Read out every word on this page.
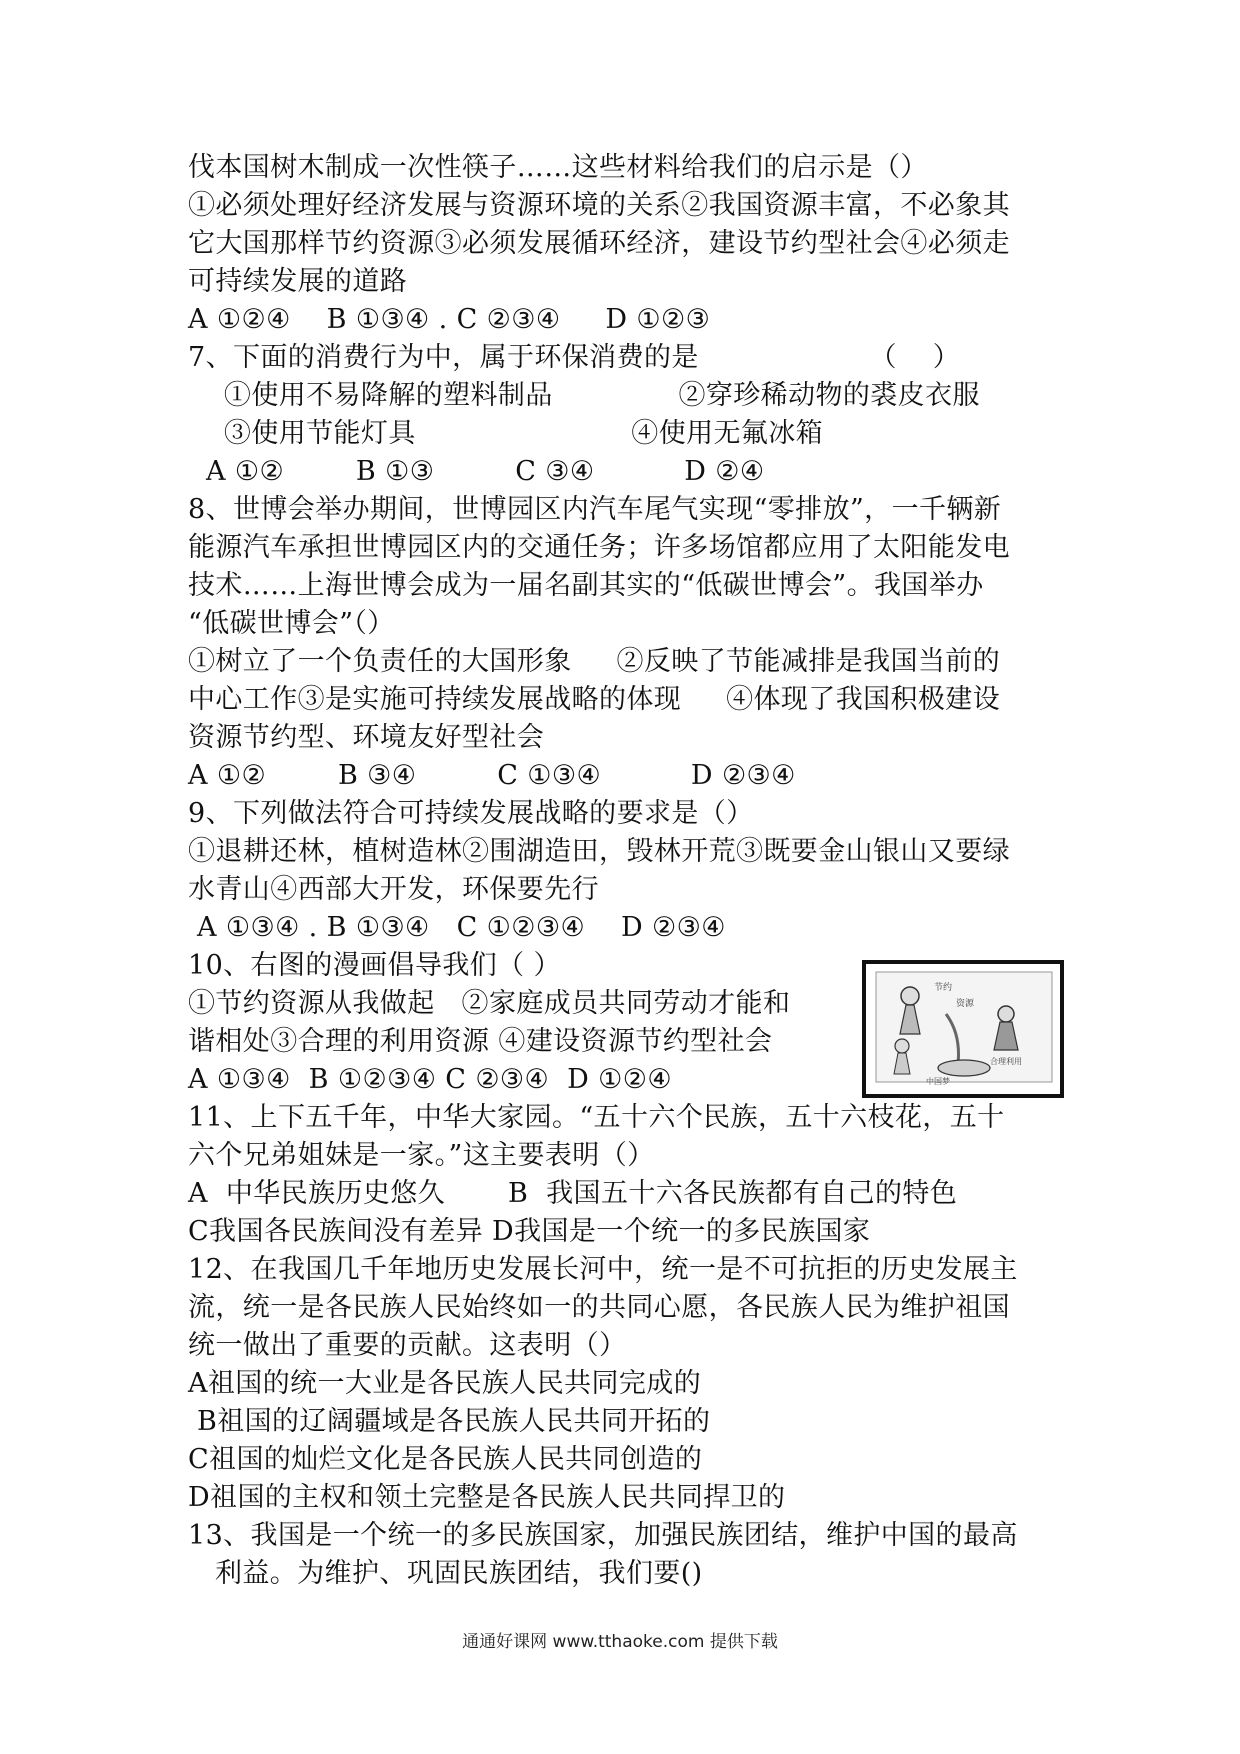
伐本国树木制成一次性筷子……这些材料给我们的启示是（）
①必须处理好经济发展与资源环境的关系②我国资源丰富，不必象其
它大国那样节约资源③必须发展循环经济，建设节约型社会④必须走
可持续发展的道路
A ①②④    B ①③④ . C ②③④     D ①②③
7、下面的消费行为中，属于环保消费的是                   （    ）
①使用不易降解的塑料制品              ②穿珍稀动物的裘皮衣服
③使用节能灯具                        ④使用无氟冰箱
A ①②        B ①③         C ③④          D ②④
8、世博会举办期间，世博园区内汽车尾气实现“零排放”，一千辆新
能源汽车承担世博园区内的交通任务；许多场馆都应用了太阳能发电
技术……上海世博会成为一届名副其实的“低碳世博会”。我国举办
“低碳世博会”（）
①树立了一个负责任的大国形象     ②反映了节能减排是我国当前的
中心工作③是实施可持续发展战略的体现     ④体现了我国积极建设
资源节约型、环境友好型社会
A ①②        B ③④         C ①③④          D ②③④
9、下列做法符合可持续发展战略的要求是（）
①退耕还林，植树造林②围湖造田，毁林开荒③既要金山银山又要绿
水青山④西部大开发，环保要先行
A ①③④ . B ①③④   C ①②③④    D ②③④
10、右图的漫画倡导我们（ ）
①节约资源从我做起   ②家庭成员共同劳动才能和
谐相处③合理的利用资源 ④建设资源节约型社会
A ①③④  B ①②③④ C ②③④  D ①②④
11、上下五千年，中华大家园。“五十六个民族，五十六枝花，五十
六个兄弟姐妹是一家。”这主要表明（）
A  中华民族历史悠久       B  我国五十六各民族都有自己的特色
C我国各民族间没有差异 D我国是一个统一的多民族国家
12、在我国几千年地历史发展长河中，统一是不可抗拒的历史发展主
流，统一是各民族人民始终如一的共同心愿，各民族人民为维护祖国
统一做出了重要的贡献。这表明（）
A祖国的统一大业是各民族人民共同完成的
B祖国的辽阔疆域是各民族人民共同开拓的
C祖国的灿烂文化是各民族人民共同创造的
D祖国的主权和领土完整是各民族人民共同捍卫的
13、我国是一个统一的多民族国家，加强民族团结，维护中国的最高
利益。为维护、巩固民族团结，我们要()
节约
资源
合理利用
中国梦
通通好课网 www.tthaoke.com 提供下载
